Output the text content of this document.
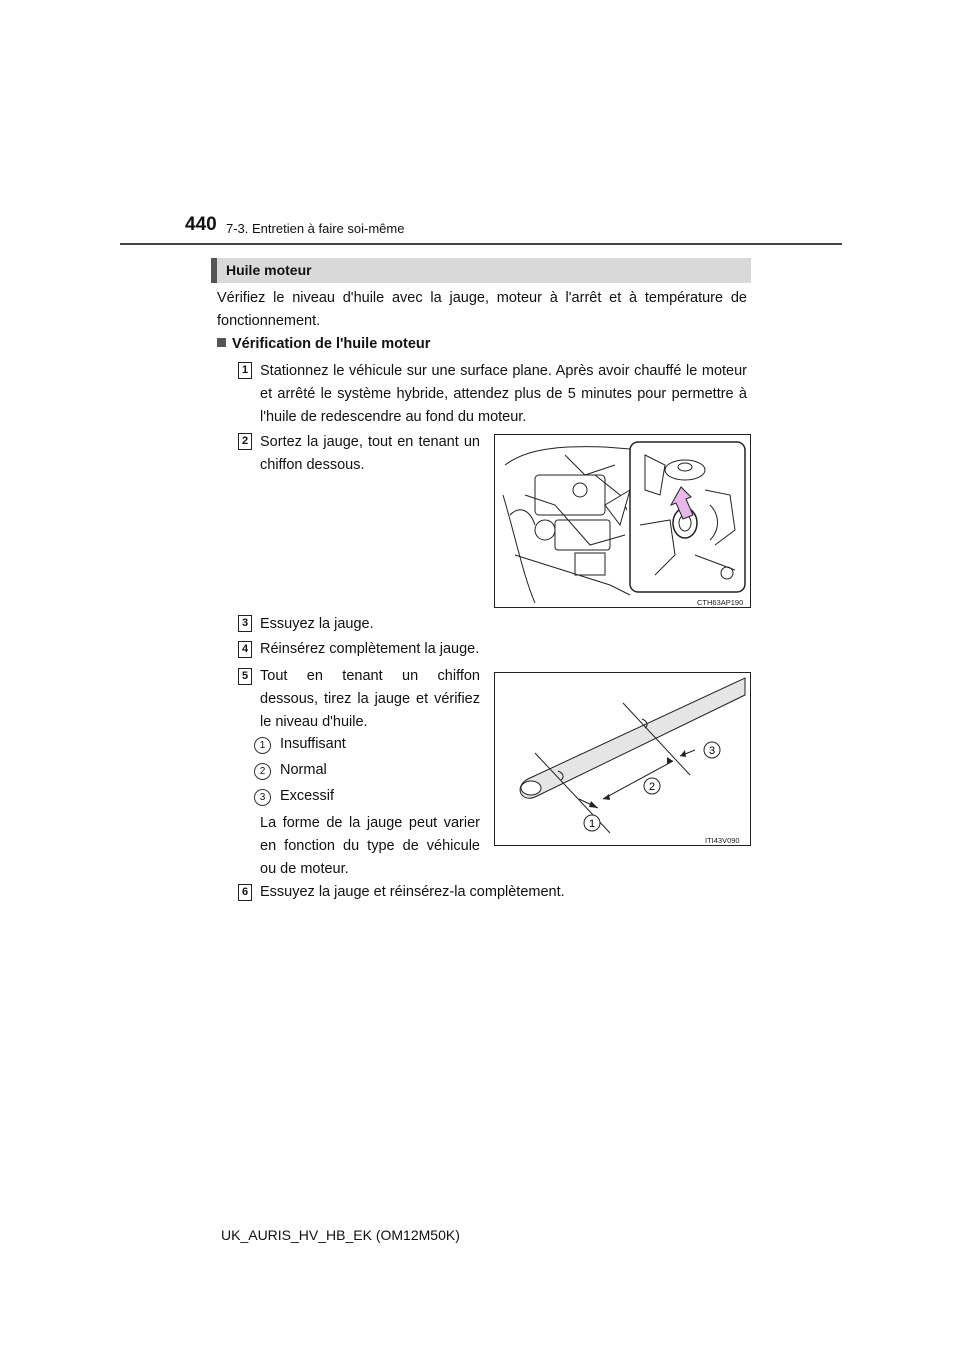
440 7-3. Entretien à faire soi-même
Huile moteur
Vérifiez le niveau d'huile avec la jauge, moteur à l'arrêt et à température de fonctionnement.
Vérification de l'huile moteur
1 Stationnez le véhicule sur une surface plane. Après avoir chauffé le moteur et arrêté le système hybride, attendez plus de 5 minutes pour permettre à l'huile de redescendre au fond du moteur.
2 Sortez la jauge, tout en tenant un chiffon dessous.
CTH63AP190
3 Essuyez la jauge.
4 Réinsérez complètement la jauge.
5 Tout en tenant un chiffon dessous, tirez la jauge et vérifiez le niveau d'huile.
1	Insuffisant
2	Normal
3	Excessif
La forme de la jauge peut varier en fonction du type de véhicule ou de moteur.
1
2
3
ITI43V090
6 Essuyez la jauge et réinsérez-la complètement.
UK_AURIS_HV_HB_EK (OM12M50K)
